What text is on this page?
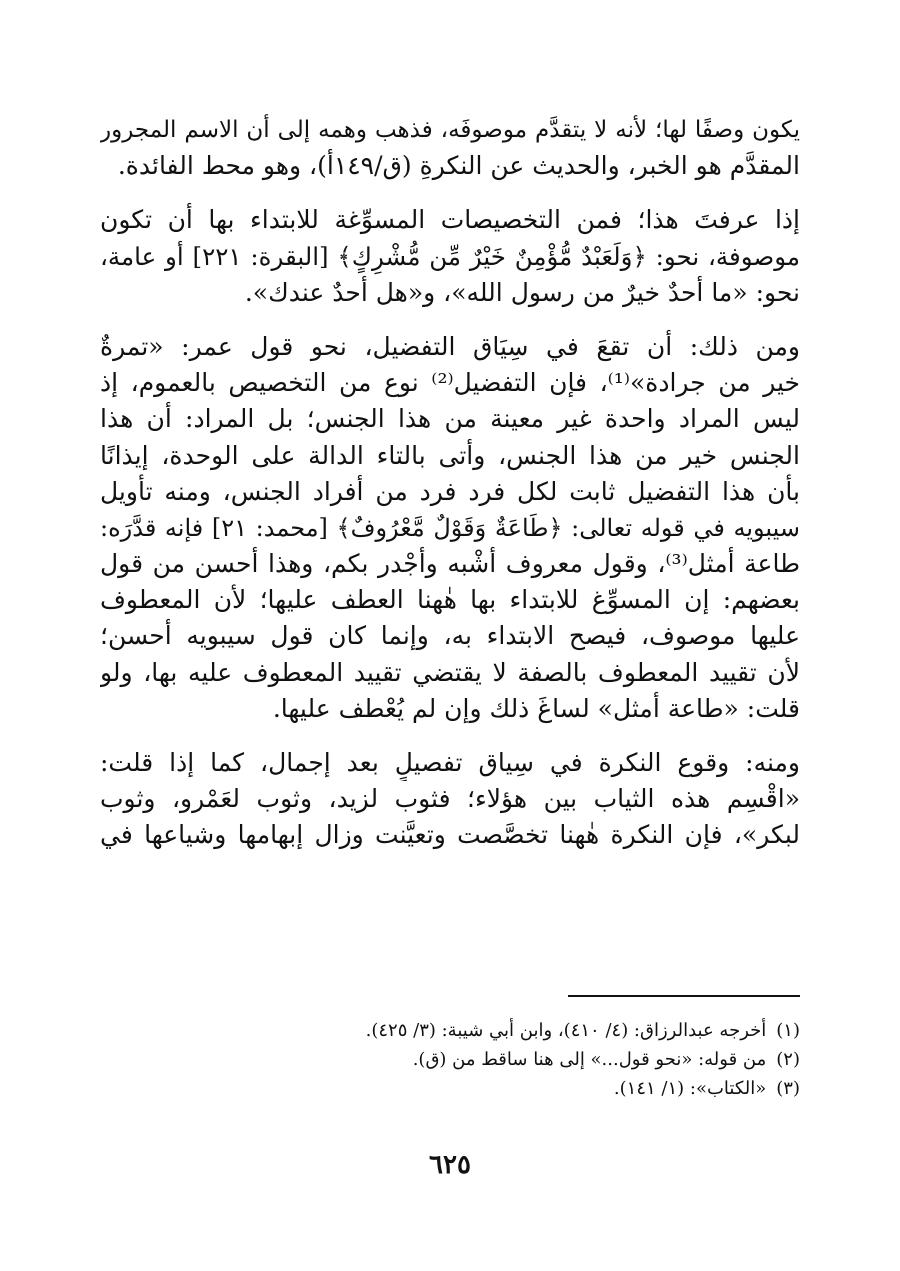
يكون وصفًا لها؛ لأنه لا يتقدَّم موصوفَه، فذهب وهمه إلى أن الاسم المجرور
المقدَّم هو الخبر، والحديث عن النكرةِ (ق/١٤٩أ)، وهو محط الفائدة.
إذا عرفتَ هذا؛ فمن التخصيصات المسوِّغة للابتداء بها أن تكون
موصوفة، نحو: ﴿وَلَعَبْدٌ مُّؤْمِنٌ خَيْرٌ مِّن مُّشْرِكٍ﴾ [البقرة: ٢٢١] أو عامة،
نحو: «ما أحدٌ خيرٌ من رسول الله»، و«هل أحدٌ عندك».
ومن ذلك: أن تقعَ في سِيَاق التفضيل، نحو قول عمر: «تمرةٌ
خير من جرادة»⁽¹⁾، فإن التفضيل⁽²⁾ نوع من التخصيص بالعموم، إذ
ليس المراد واحدة غير معينة من هذا الجنس؛ بل المراد: أن هذا
الجنس خير من هذا الجنس، وأتى بالتاء الدالة على الوحدة، إيذانًا
بأن هذا التفضيل ثابت لكل فرد فرد من أفراد الجنس، ومنه تأويل
سيبويه في قوله تعالى: ﴿طَاعَةٌ وَقَوْلٌ مَّعْرُوفٌ﴾ [محمد: ٢١] فإنه قدَّرَه:
طاعة أمثل⁽³⁾، وقول معروف أَشْبه وأَجْدر بكم، وهذا أحسن من قول
بعضهم: إن المسوِّغ للابتداء بها هٰهنا العطف عليها؛ لأن المعطوف
عليها موصوف، فيصح الابتداء به، وإنما كان قول سيبويه أحسن؛
لأن تقييد المعطوف بالصفة لا يقتضي تقييد المعطوف عليه بها، ولو
قلت: «طاعة أمثل» لساغَ ذلك وإن لم يُعْطف عليها.
ومنه: وقوع النكرة في سِياق تفصيلٍ بعد إجمال، كما إذا قلت:
«اقْسِم هذه الثياب بين هؤلاء؛ فثوب لزيد، وثوب لعَمْرو، وثوب
لبكر»، فإن النكرة هٰهنا تخصَّصت وتعيَّنت وزال إبهامها وشياعها في
(١)أخرجه عبدالرزاق: (٤/ ٤١٠)، وابن أبي شيبة: (٣/ ٤٢٥).
(٢)من قوله: «نحو قول...» إلى هنا ساقط من (ق).
(٣)«الكتاب»: (١/ ١٤١).
٦٢٥
